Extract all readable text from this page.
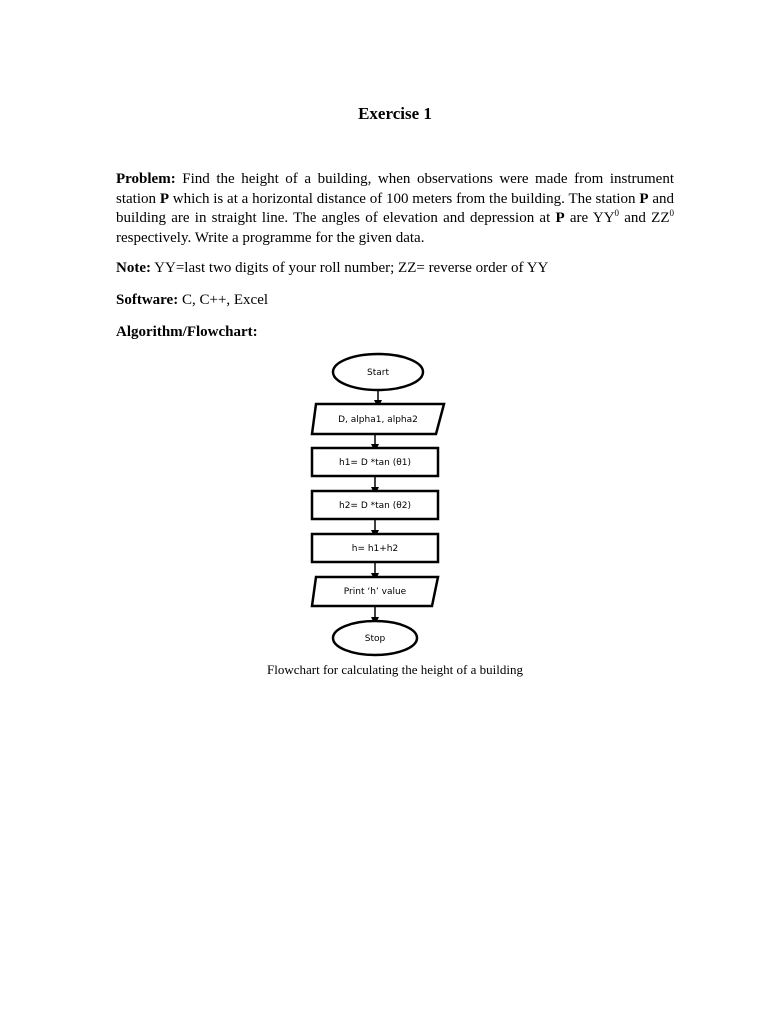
Exercise 1
Problem: Find the height of a building, when observations were made from instrument station P which is at a horizontal distance of 100 meters from the building. The station P and building are in straight line. The angles of elevation and depression at P are $YY^0$ and $ZZ^0$ respectively. Write a programme for the given data.
Note: YY=last two digits of your roll number; ZZ= reverse order of YY
Software: C, C++, Excel
Algorithm/Flowchart:
Start
D, alpha1, alpha2
h1= D *tan (θ1)
h2= D *tan (θ2)
h= h1+h2
Print ‘h’ value
Stop
Flowchart for calculating the height of a building
